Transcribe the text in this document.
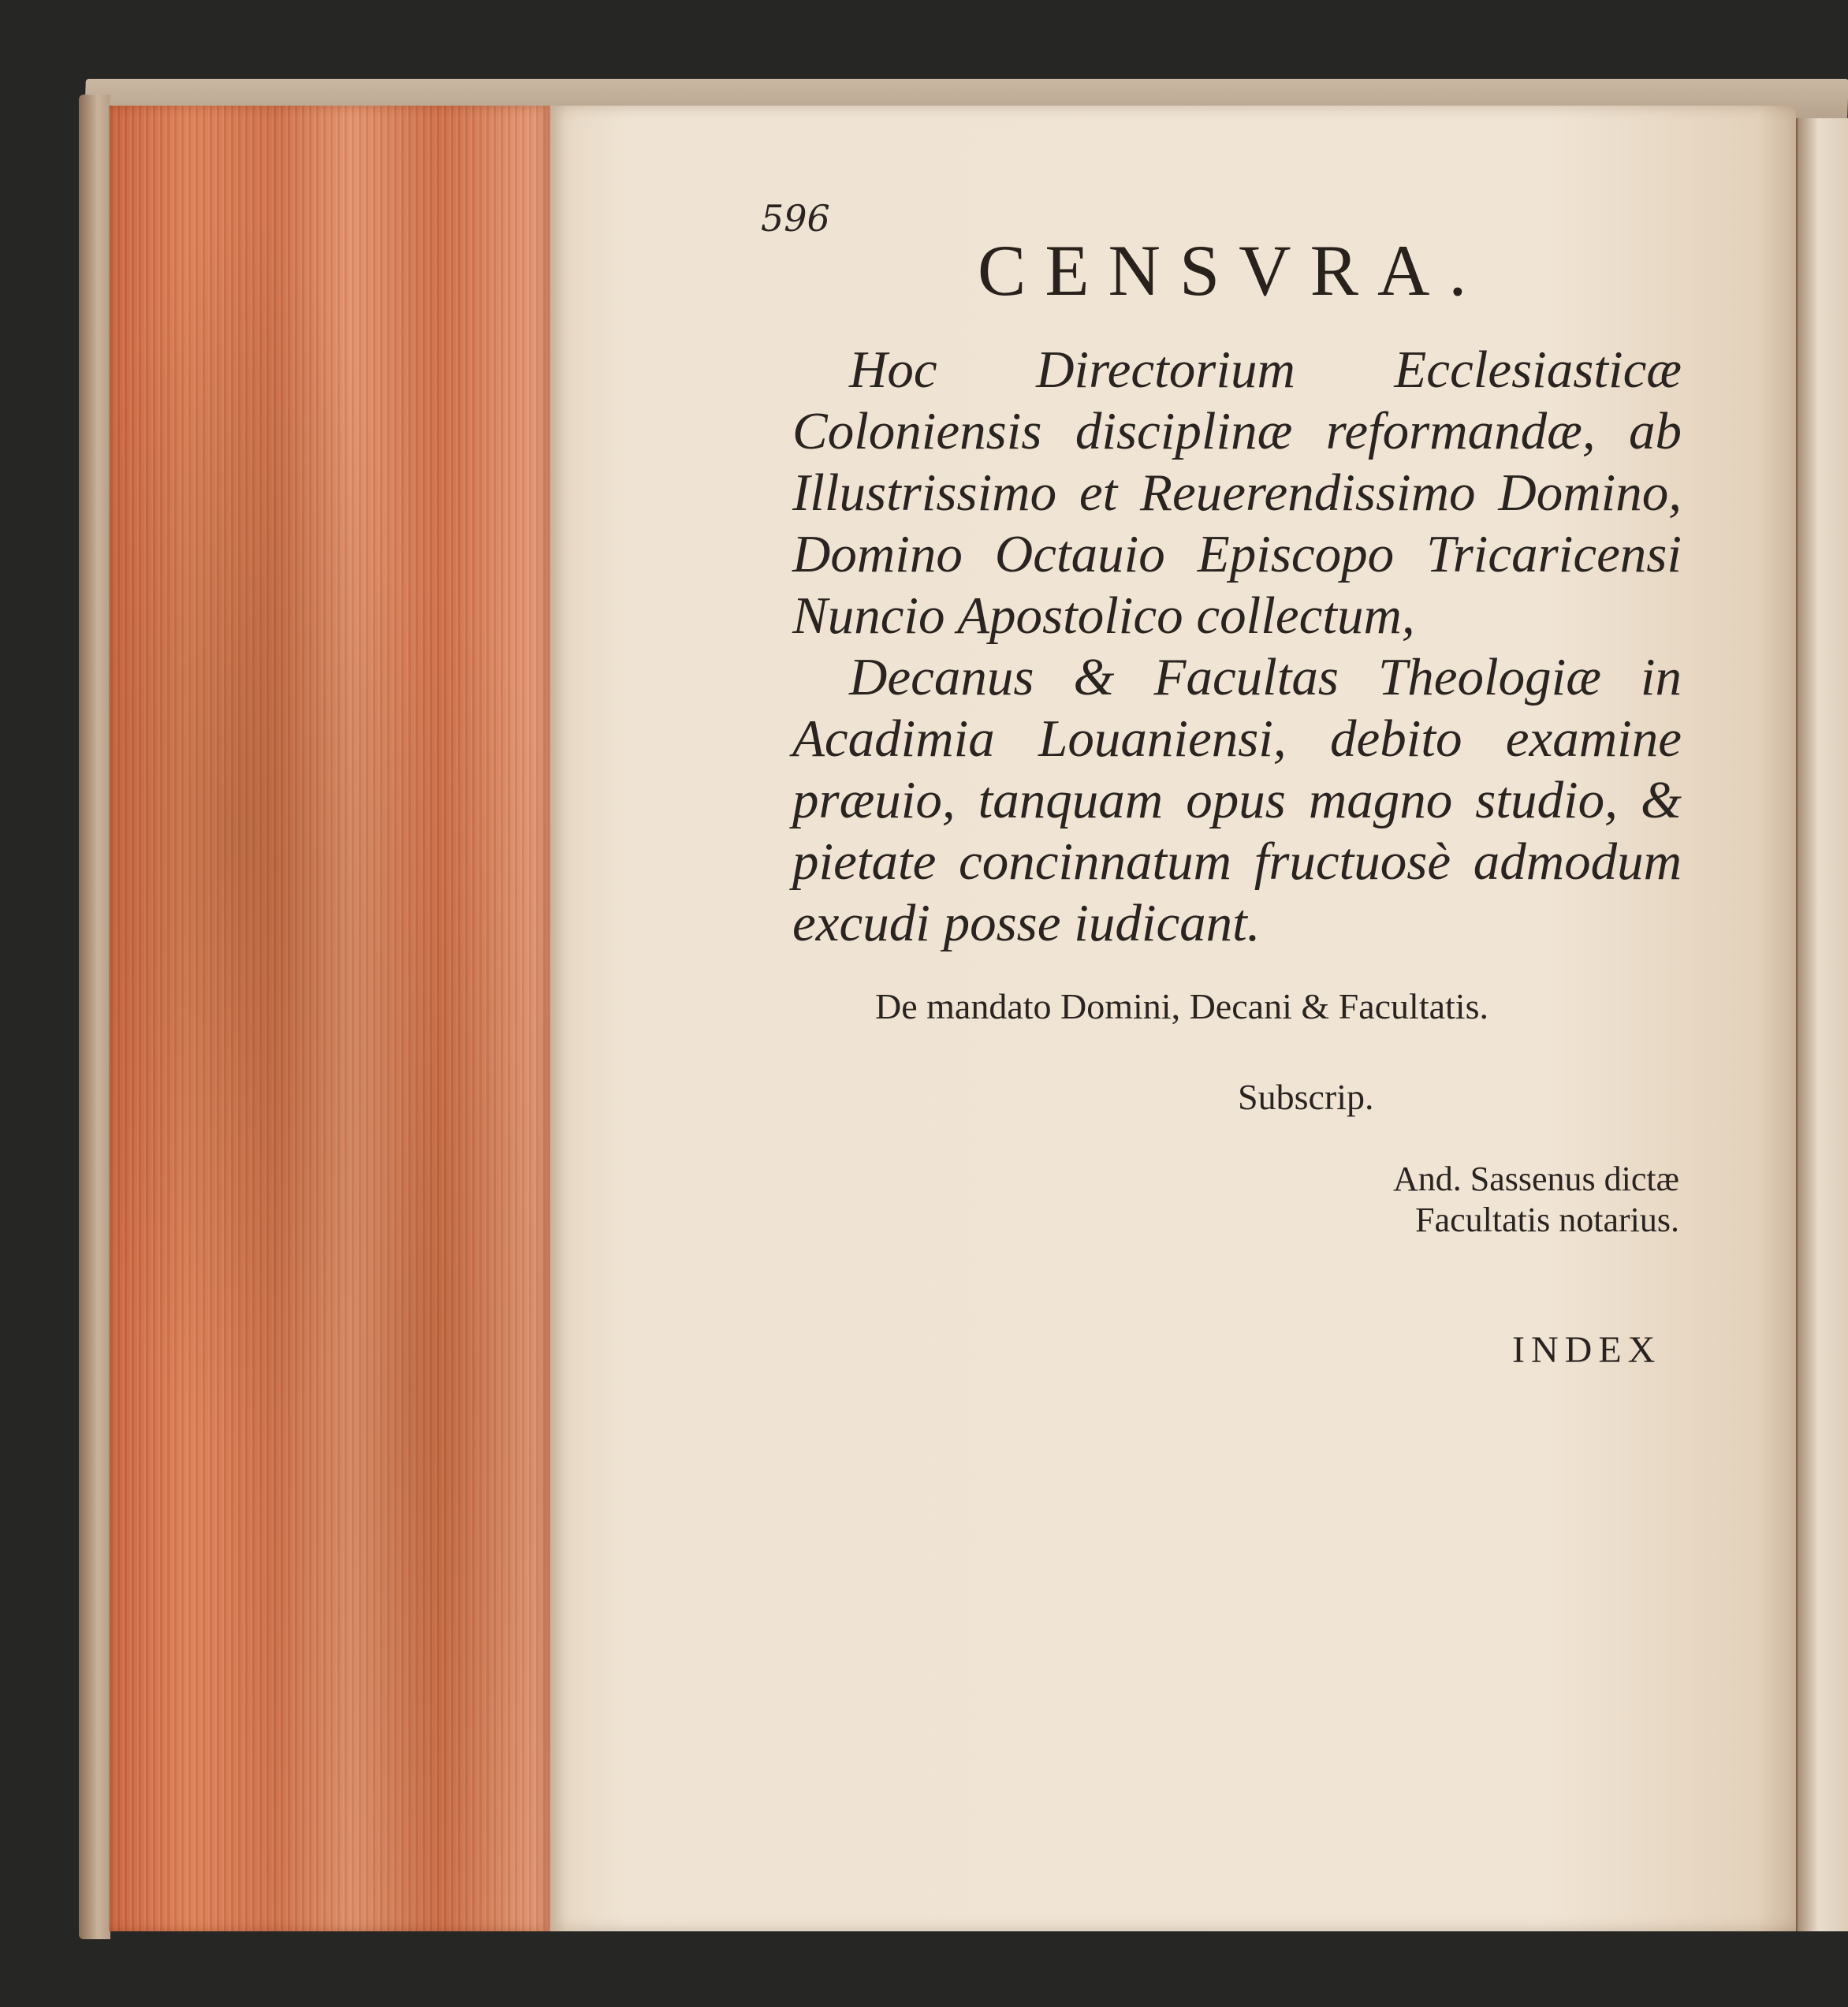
596
CENSVRA.

Hoc Directorium Ecclesiasticæ Coloniensis disciplinæ reformandæ, ab Illustrissimo et Reuerendissimo Domino, Domino Octauio Episcopo Tricaricensi Nuncio Apostolico collectum,

Decanus & Facultas Theologiæ in Acadimia Louaniensi, debito examine præuio, tanquam opus magno studio, & pietate concinnatum fructuosè admodum excudi posse iudicant.

De mandato Domini, Decani & Facultatis.
Subscrip.
And. Sassenus dictæ
Facultatis notarius.
INDEX
